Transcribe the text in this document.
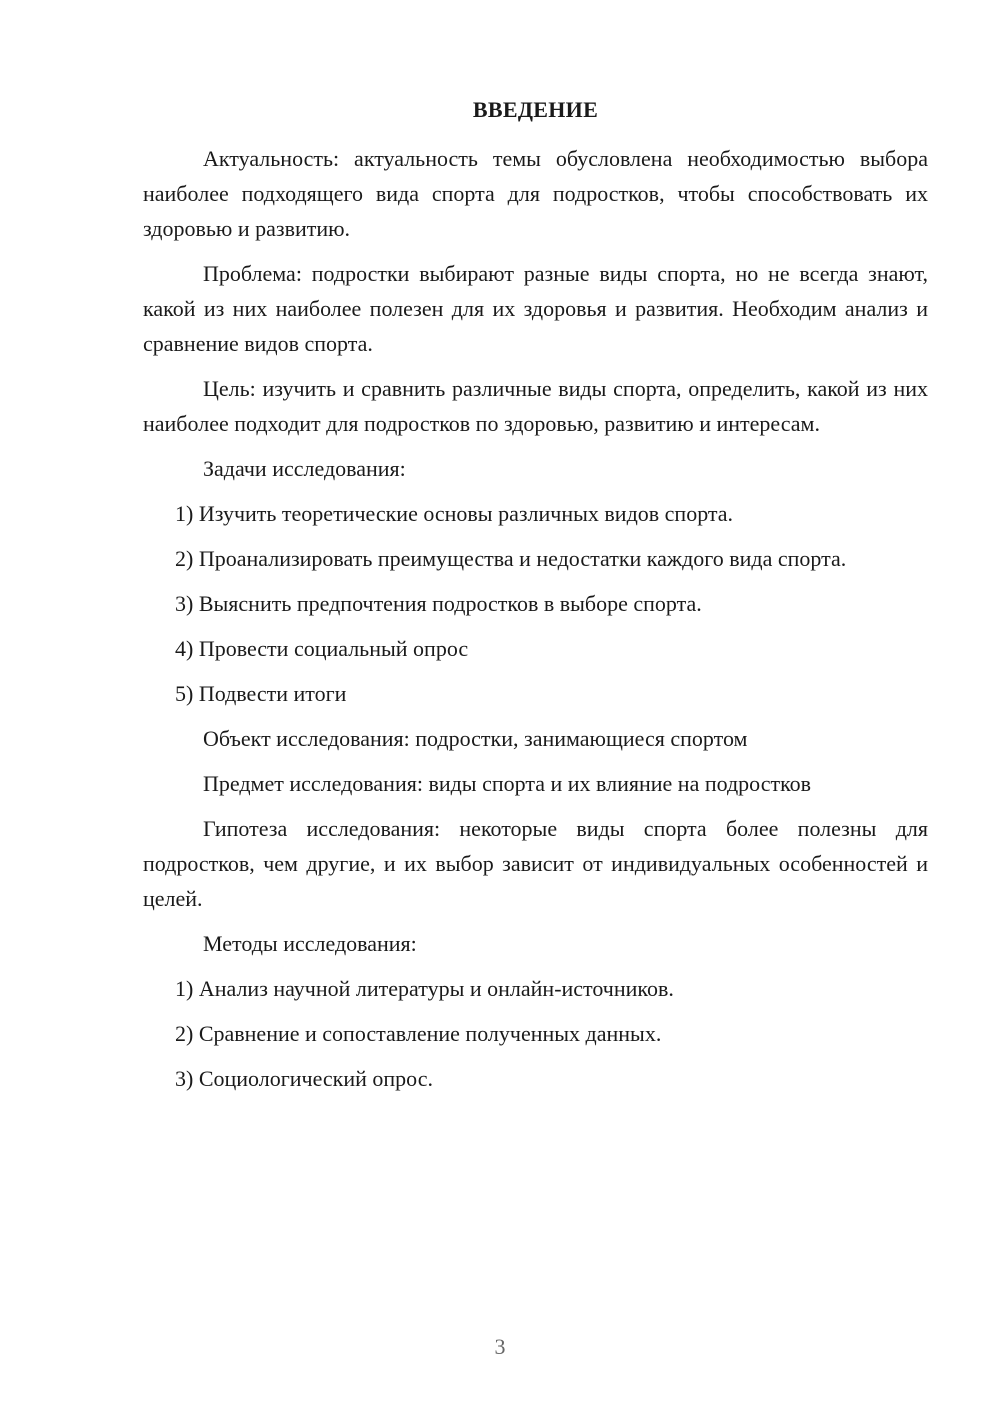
ВВЕДЕНИЕ

Актуальность: актуальность темы обусловлена необходимостью выбора наиболее подходящего вида спорта для подростков, чтобы способствовать их здоровью и развитию.

Проблема: подростки выбирают разные виды спорта, но не всегда знают, какой из них наиболее полезен для их здоровья и развития. Необходим анализ и сравнение видов спорта.

Цель: изучить и сравнить различные виды спорта, определить, какой из них наиболее подходит для подростков по здоровью, развитию и интересам.

Задачи исследования:

1) Изучить теоретические основы различных видов спорта.

2) Проанализировать преимущества и недостатки каждого вида спорта.

3) Выяснить предпочтения подростков в выборе спорта.

4) Провести социальный опрос

5) Подвести итоги

Объект исследования: подростки, занимающиеся спортом

Предмет исследования: виды спорта и их влияние на подростков

Гипотеза исследования: некоторые виды спорта более полезны для подростков, чем другие, и их выбор зависит от индивидуальных особенностей и целей.

Методы исследования:

1) Анализ научной литературы и онлайн-источников.

2) Сравнение и сопоставление полученных данных.

3) Социологический опрос.

3
